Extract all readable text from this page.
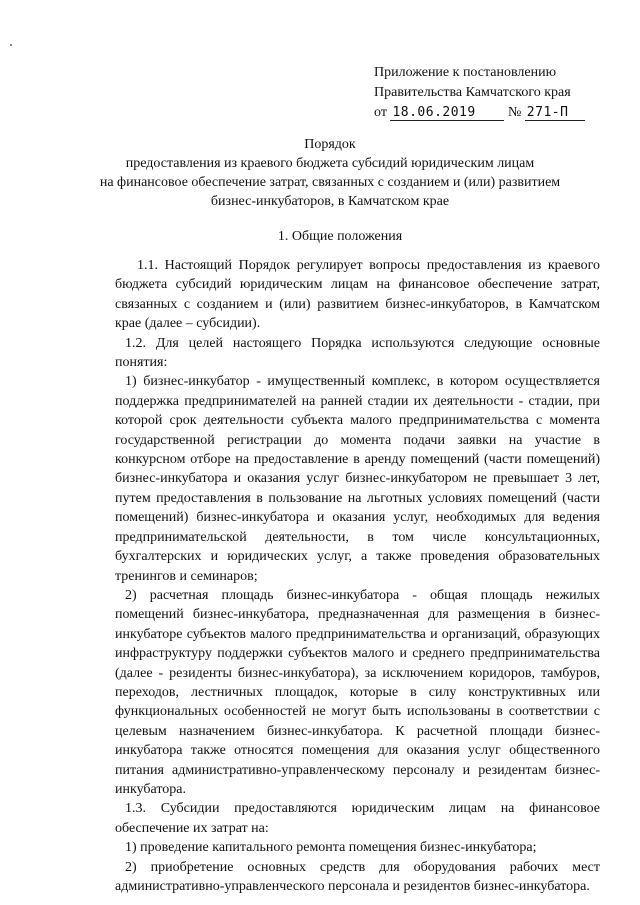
Приложение к постановлению
Правительства Камчатского края
от 18.06.2019 № 271-П
Порядок
предоставления из краевого бюджета субсидий юридическим лицам
на финансовое обеспечение затрат, связанных с созданием и (или) развитием
бизнес-инкубаторов, в Камчатском крае
1. Общие положения

1.1. Настоящий Порядок регулирует вопросы предоставления из краевого бюджета субсидий юридическим лицам на финансовое обеспечение затрат, связанных с созданием и (или) развитием бизнес-инкубаторов, в Камчатском крае (далее – субсидии).

1.2. Для целей настоящего Порядка используются следующие основные понятия:

1) бизнес-инкубатор - имущественный комплекс, в котором осуществляется поддержка предпринимателей на ранней стадии их деятельности - стадии, при которой срок деятельности субъекта малого предпринимательства с момента государственной регистрации до момента подачи заявки на участие в конкурсном отборе на предоставление в аренду помещений (части помещений) бизнес-инкубатора и оказания услуг бизнес-инкубатором не превышает 3 лет, путем предоставления в пользование на льготных условиях помещений (части помещений) бизнес-инкубатора и оказания услуг, необходимых для ведения предпринимательской деятельности, в том числе консультационных, бухгалтерских и юридических услуг, а также проведения образовательных тренингов и семинаров;

2) расчетная площадь бизнес-инкубатора - общая площадь нежилых помещений бизнес-инкубатора, предназначенная для размещения в бизнес-инкубаторе субъектов малого предпринимательства и организаций, образующих инфраструктуру поддержки субъектов малого и среднего предпринимательства (далее - резиденты бизнес-инкубатора), за исключением коридоров, тамбуров, переходов, лестничных площадок, которые в силу конструктивных или функциональных особенностей не могут быть использованы в соответствии с целевым назначением бизнес-инкубатора. К расчетной площади бизнес-инкубатора также относятся помещения для оказания услуг общественного питания административно-управленческому персоналу и резидентам бизнес-инкубатора.

1.3. Субсидии предоставляются юридическим лицам на финансовое обеспечение их затрат на:

1) проведение капитального ремонта помещения бизнес-инкубатора;

2) приобретение основных средств для оборудования рабочих мест административно-управленческого персонала и резидентов бизнес-инкубатора.
